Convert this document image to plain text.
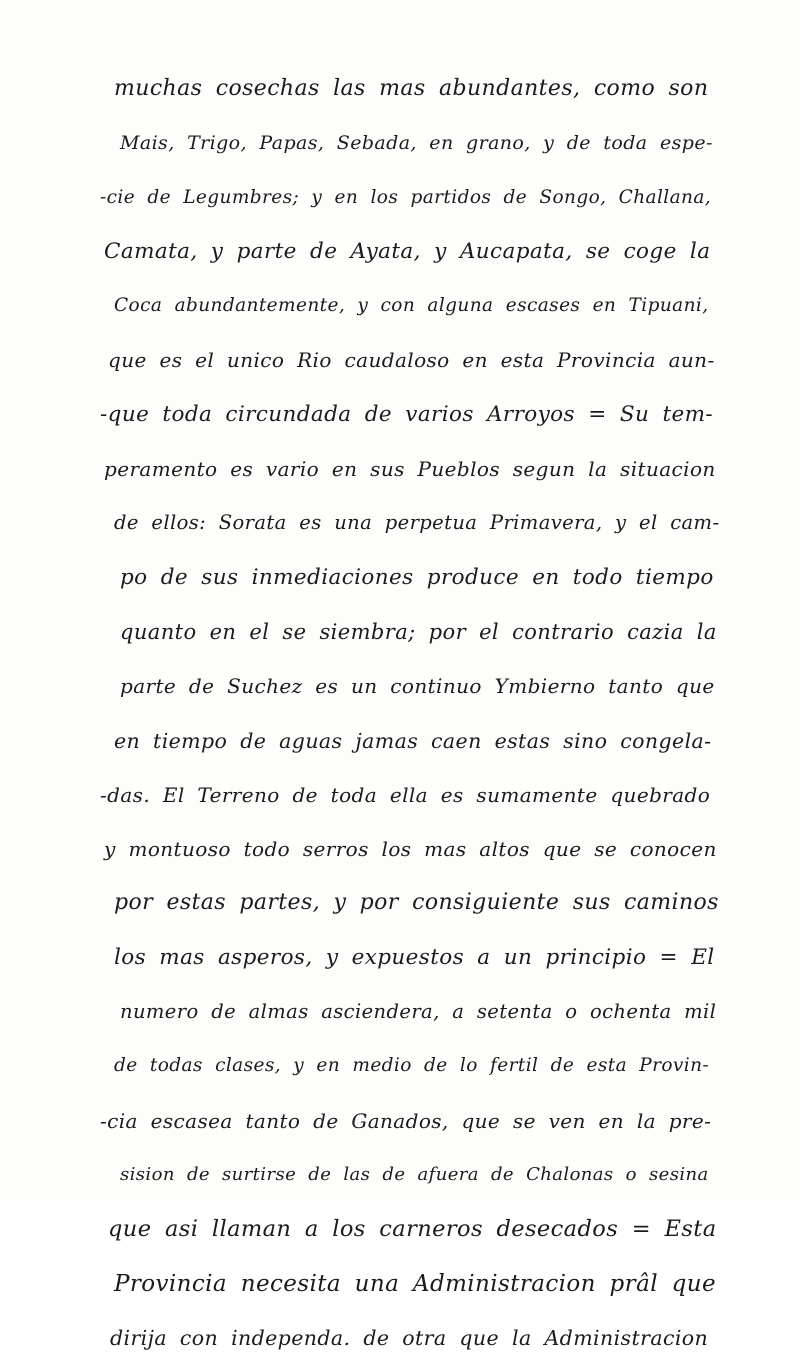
muchas cosechas las mas abundantes, como son
Mais, Trigo, Papas, Sebada, en grano, y de toda espe-
-cie de Legumbres; y en los partidos de Songo, Challana,
Camata, y parte de Ayata, y Aucapata, se coge la
Coca abundantemente, y con alguna escases en Tipuani,
que es el unico Rio caudaloso en esta Provincia aun-
-que toda circundada de varios Arroyos = Su tem-
peramento es vario en sus Pueblos segun la situacion
de ellos: Sorata es una perpetua Primavera, y el cam-
po de sus inmediaciones produce en todo tiempo
quanto en el se siembra; por el contrario cazia la
parte de Suchez es un continuo Ymbierno tanto que
en tiempo de aguas jamas caen estas sino congela-
-das. El Terreno de toda ella es sumamente quebrado
y montuoso todo serros los mas altos que se conocen
por estas partes, y por consiguiente sus caminos
los mas asperos, y expuestos a un principio = El
numero de almas asciendera, a setenta o ochenta mil
de todas clases, y en medio de lo fertil de esta Provin-
-cia escasea tanto de Ganados, que se ven en la pre-
sision de surtirse de las de afuera de Chalonas o sesina
que asi llaman a los carneros desecados = Esta
Provincia necesita una Administracion prâl que
dirija con independa. de otra que la Administracion
